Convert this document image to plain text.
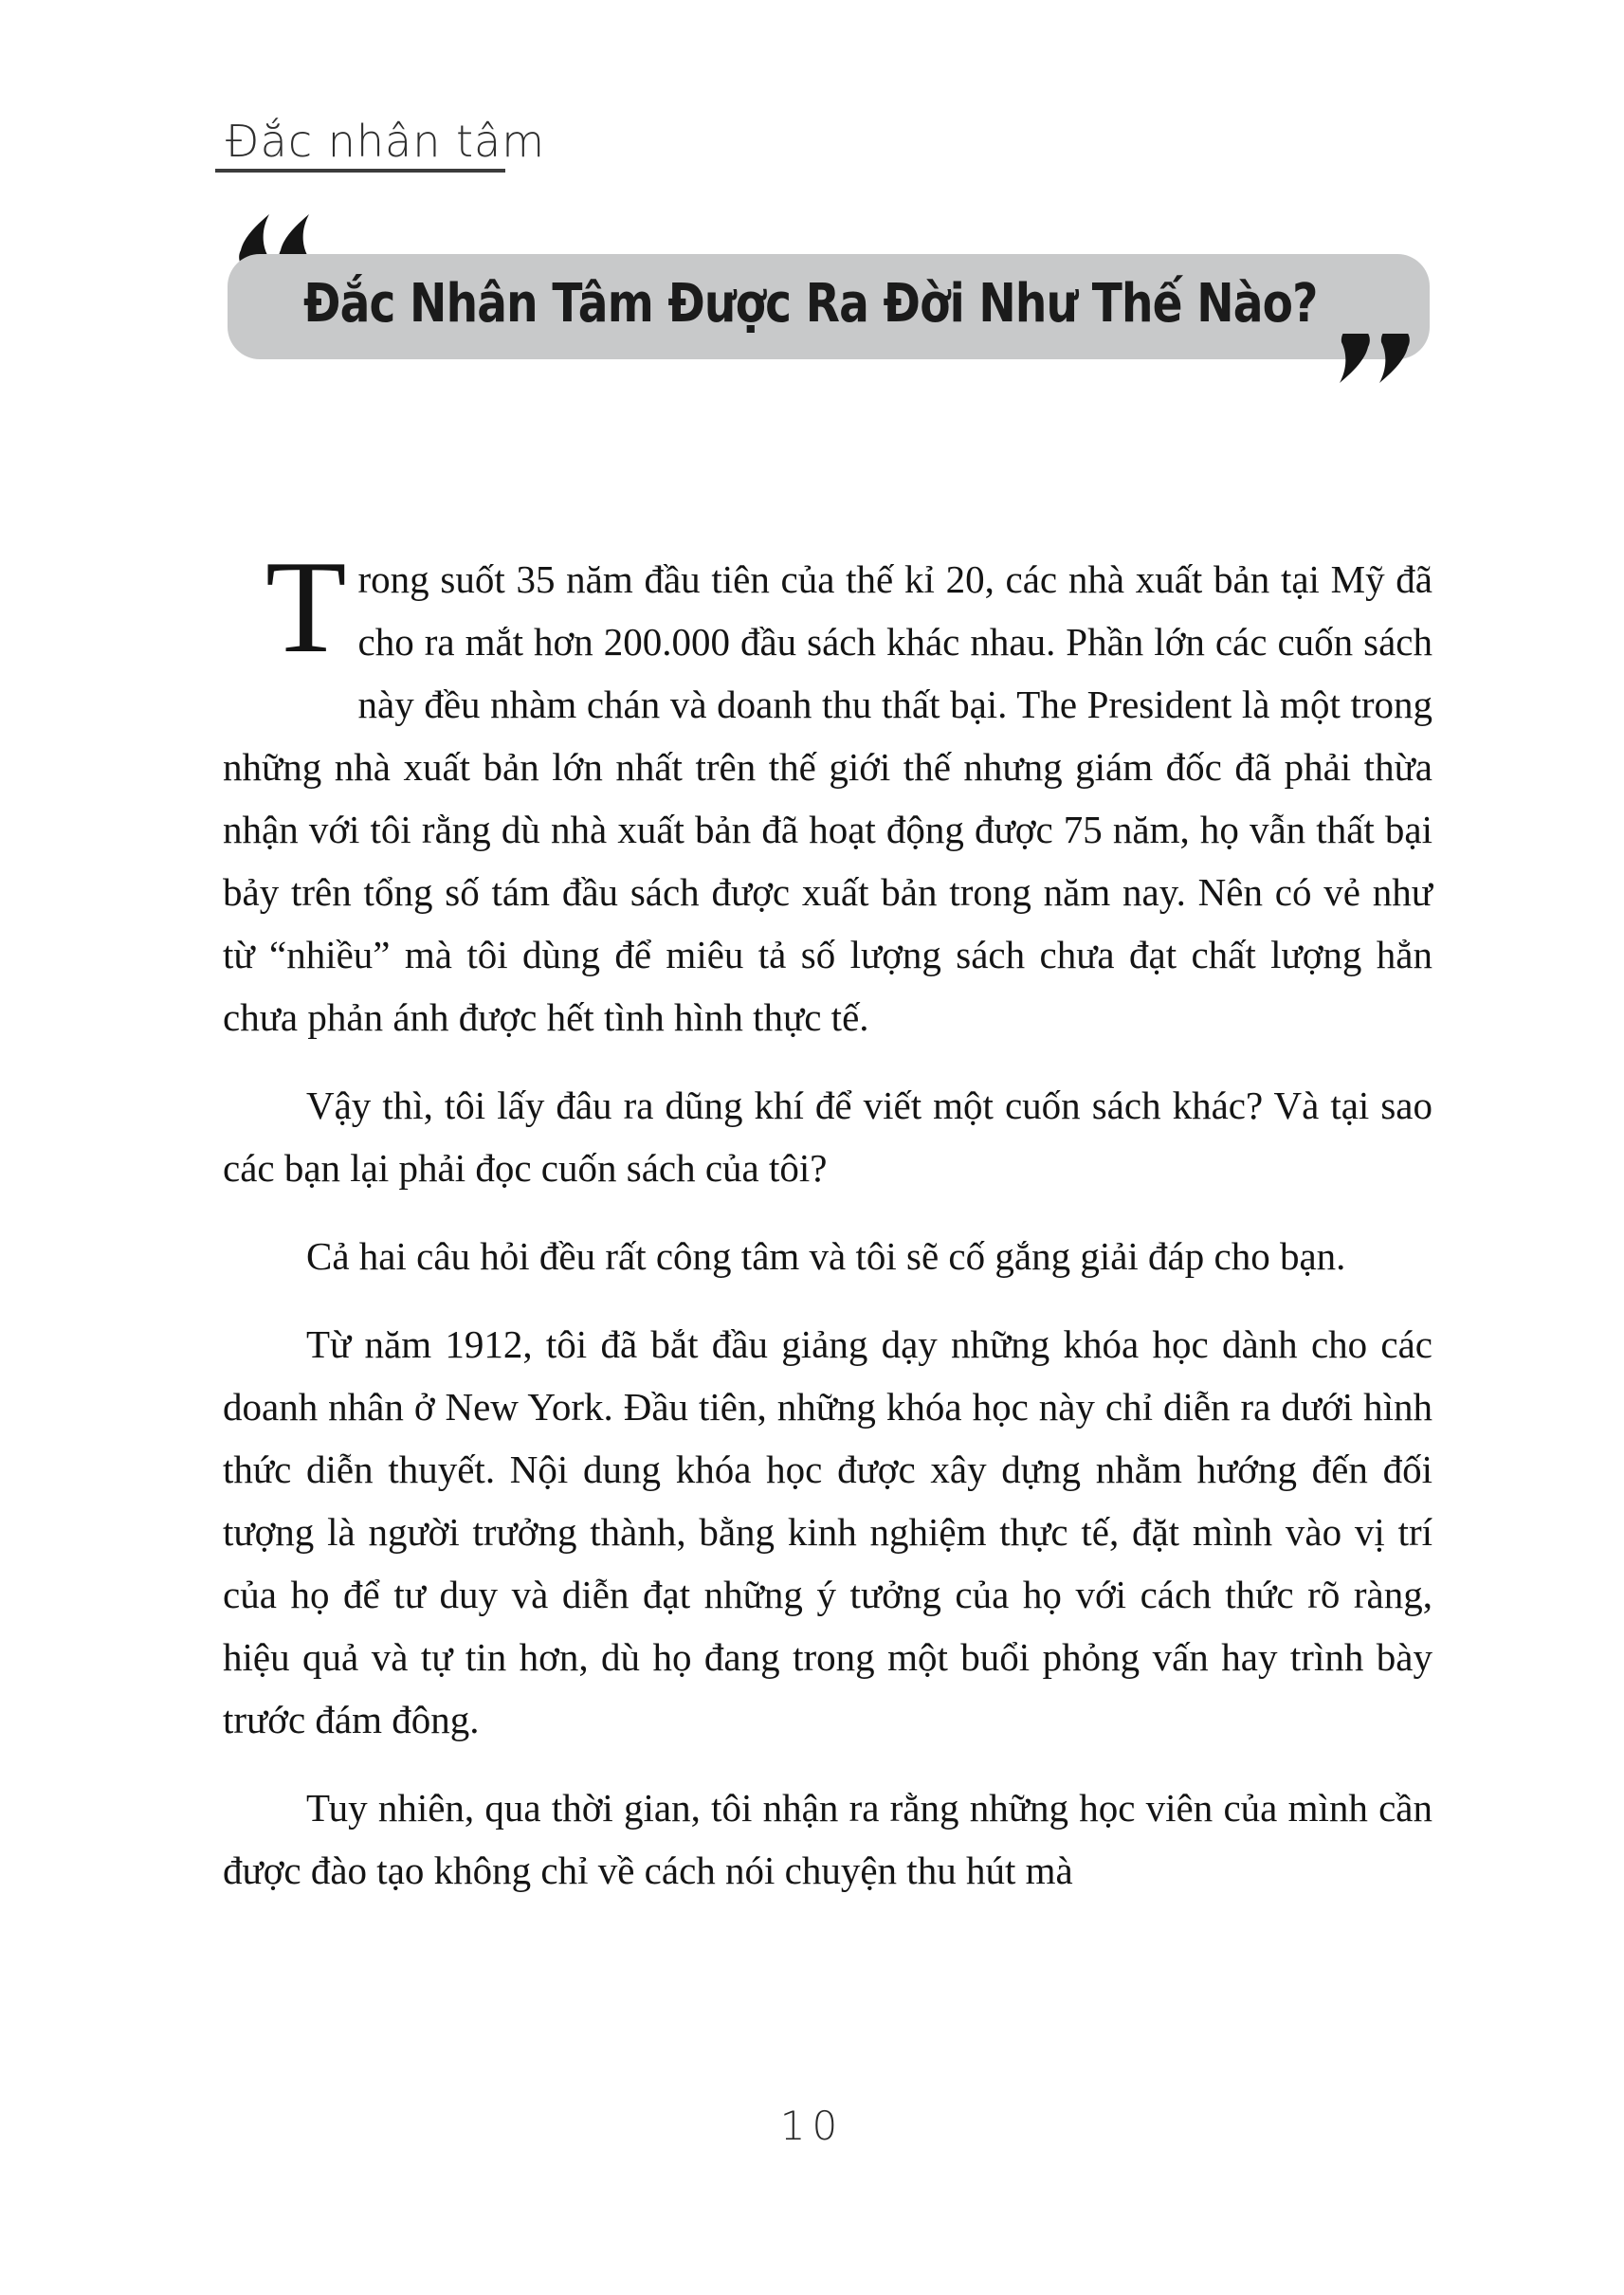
Đắc nhân tâm
Đắc Nhân Tâm Được Ra Đời Như Thế Nào?

Trong suốt 35 năm đầu tiên của thế kỉ 20, các nhà xuất bản tại Mỹ đã cho ra mắt hơn 200.000 đầu sách khác nhau. Phần lớn các cuốn sách này đều nhàm chán và doanh thu thất bại. The President là một trong những nhà xuất bản lớn nhất trên thế giới thế nhưng giám đốc đã phải thừa nhận với tôi rằng dù nhà xuất bản đã hoạt động được 75 năm, họ vẫn thất bại bảy trên tổng số tám đầu sách được xuất bản trong năm nay. Nên có vẻ như từ “nhiều” mà tôi dùng để miêu tả số lượng sách chưa đạt chất lượng hẳn chưa phản ánh được hết tình hình thực tế.

Vậy thì, tôi lấy đâu ra dũng khí để viết một cuốn sách khác? Và tại sao các bạn lại phải đọc cuốn sách của tôi?

Cả hai câu hỏi đều rất công tâm và tôi sẽ cố gắng giải đáp cho bạn.

Từ năm 1912, tôi đã bắt đầu giảng dạy những khóa học dành cho các doanh nhân ở New York. Đầu tiên, những khóa học này chỉ diễn ra dưới hình thức diễn thuyết. Nội dung khóa học được xây dựng nhằm hướng đến đối tượng là người trưởng thành, bằng kinh nghiệm thực tế, đặt mình vào vị trí của họ để tư duy và diễn đạt những ý tưởng của họ với cách thức rõ ràng, hiệu quả và tự tin hơn, dù họ đang trong một buổi phỏng vấn hay trình bày trước đám đông.

Tuy nhiên, qua thời gian, tôi nhận ra rằng những học viên của mình cần được đào tạo không chỉ về cách nói chuyện thu hút mà

10
